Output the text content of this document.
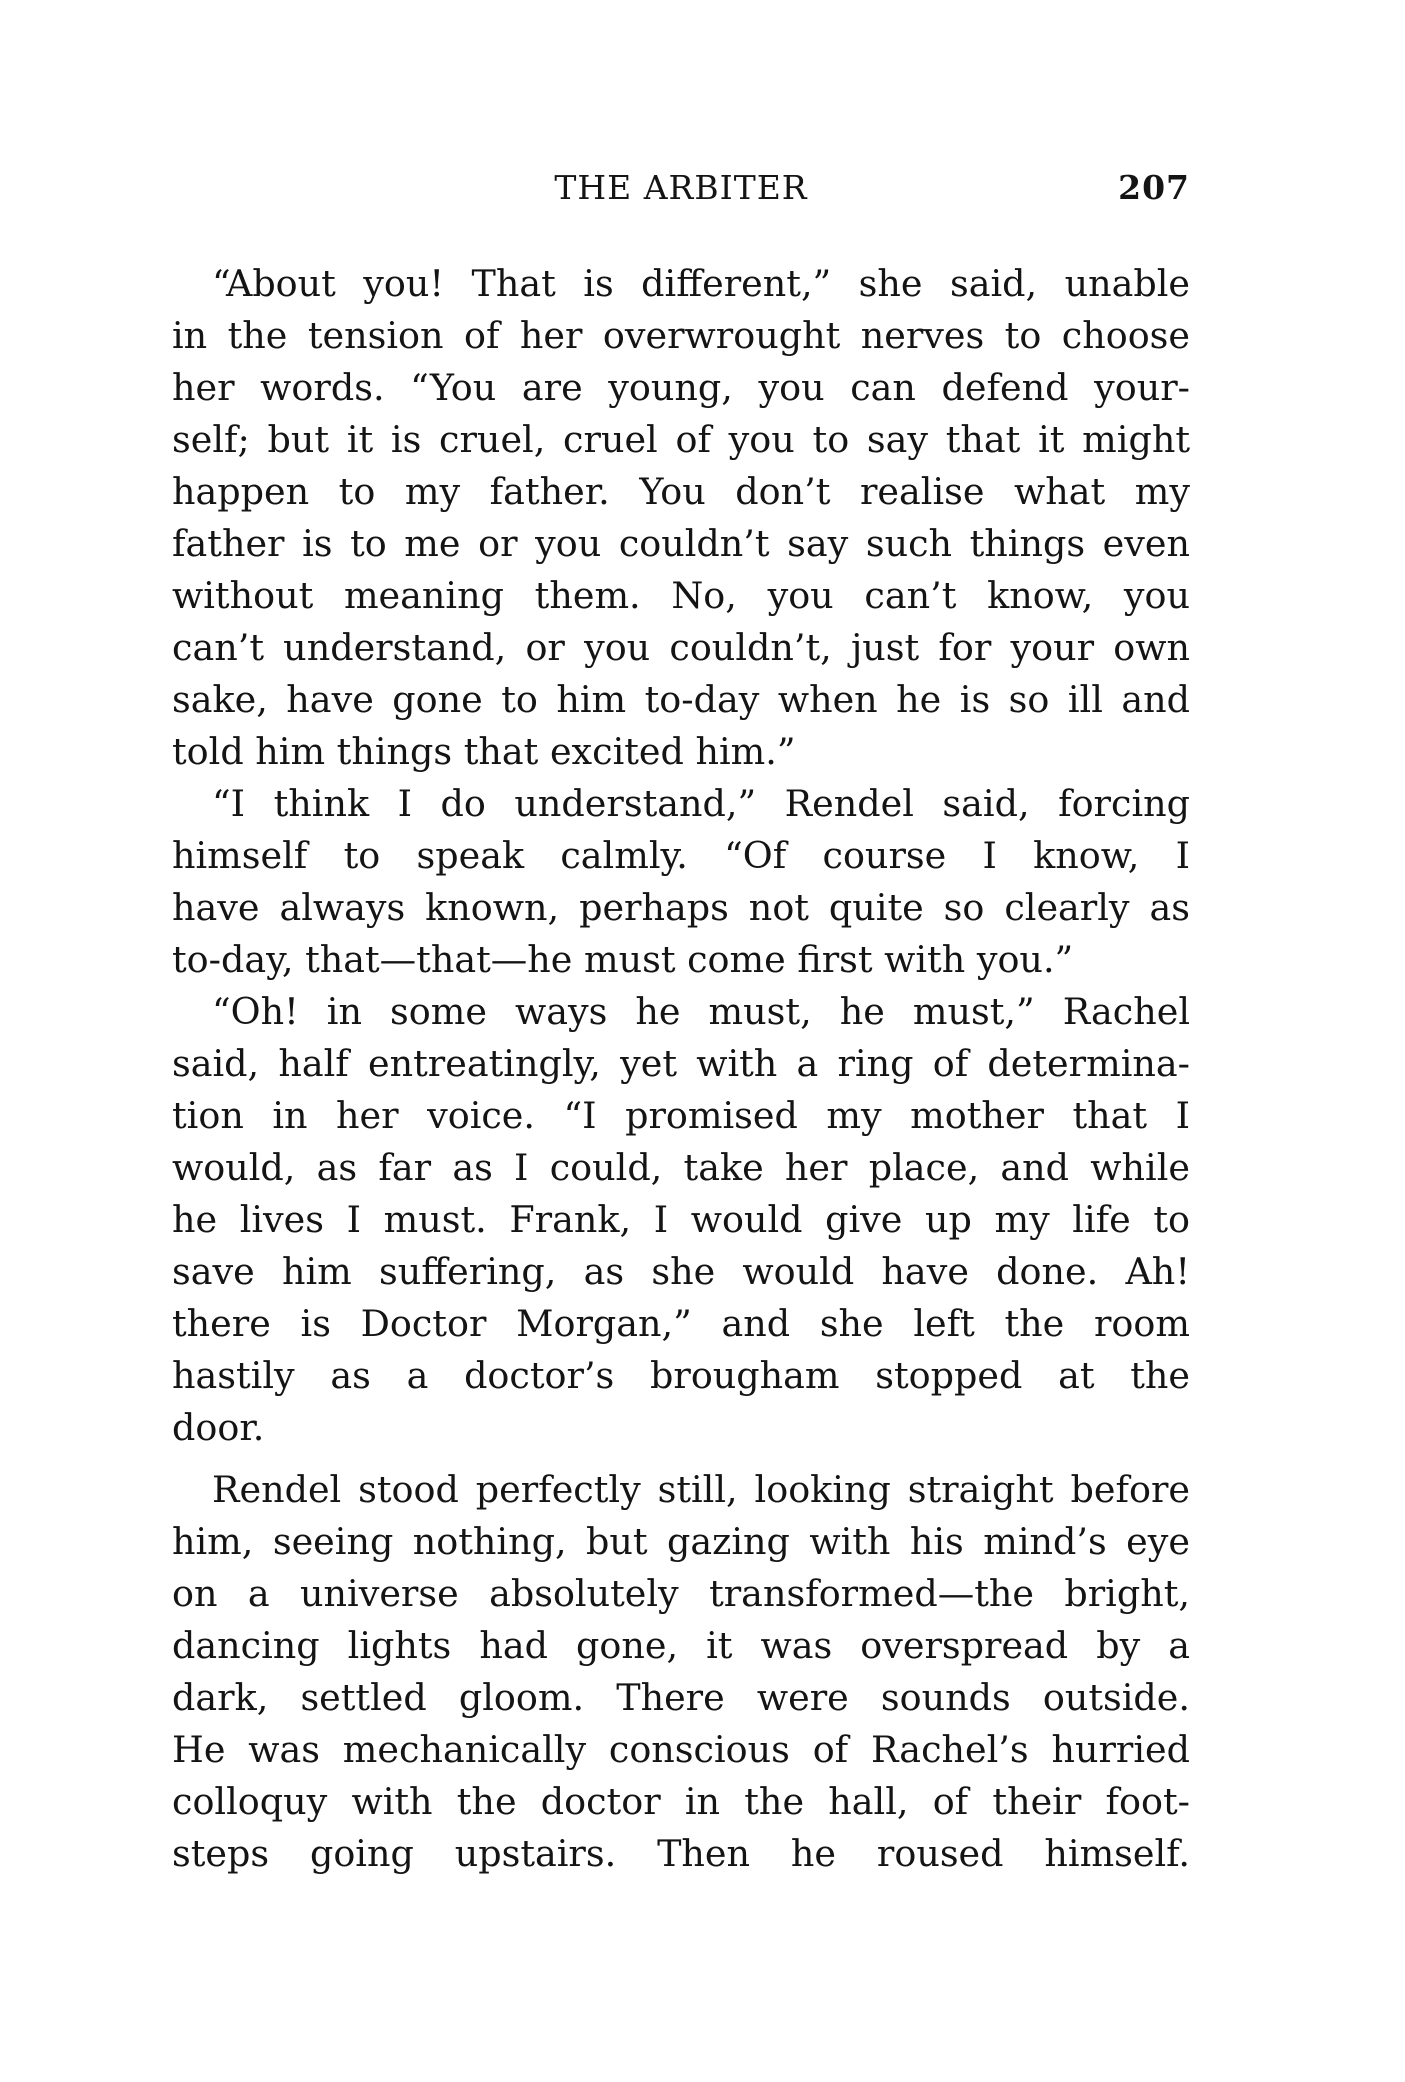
THE ARBITER	207

“About you! That is different,” she said, unable
in the tension of her overwrought nerves to choose
her words. “You are young, you can defend your-
self; but it is cruel, cruel of you to say that it might
happen to my father. You don’t realise what my
father is to me or you couldn’t say such things even
without meaning them. No, you can’t know, you
can’t understand, or you couldn’t, just for your own
sake, have gone to him to-day when he is so ill and
told him things that excited him.”

“I think I do understand,” Rendel said, forcing
himself to speak calmly. “Of course I know, I
have always known, perhaps not quite so clearly as
to-day, that—that—he must come first with you.”

“Oh! in some ways he must, he must,” Rachel
said, half entreatingly, yet with a ring of determina-
tion in her voice. “I promised my mother that I
would, as far as I could, take her place, and while
he lives I must. Frank, I would give up my life to
save him suffering, as she would have done. Ah!
there is Doctor Morgan,” and she left the room
hastily as a doctor’s brougham stopped at the
door.

Rendel stood perfectly still, looking straight before
him, seeing nothing, but gazing with his mind’s eye
on a universe absolutely transformed—the bright,
dancing lights had gone, it was overspread by a
dark, settled gloom. There were sounds outside.
He was mechanically conscious of Rachel’s hurried
colloquy with the doctor in the hall, of their foot-
steps going upstairs. Then he roused himself.
